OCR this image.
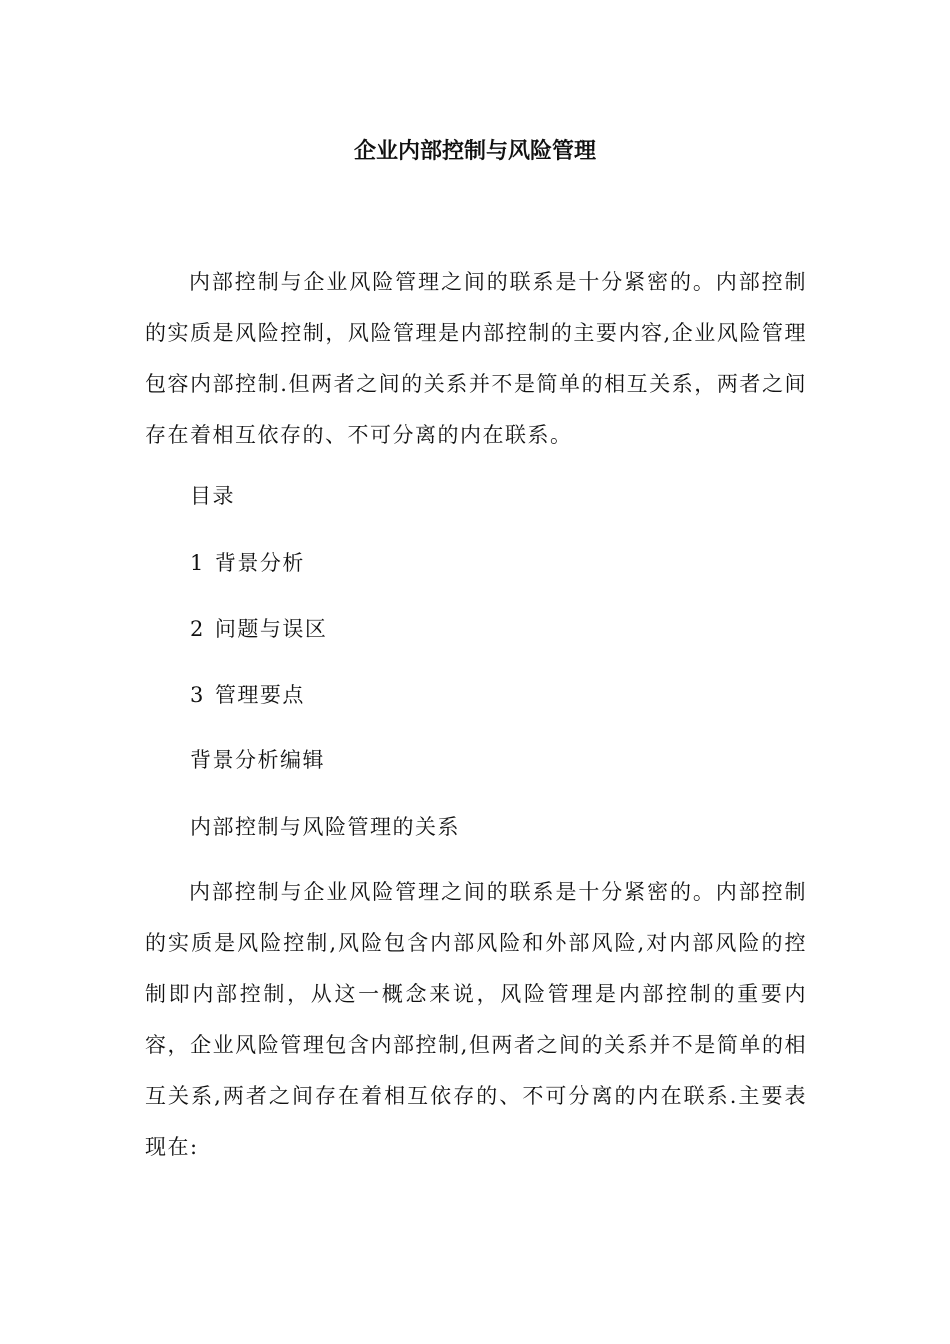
企业内部控制与风险管理

内部控制与企业风险管理之间的联系是十分紧密的。内部控制的实质是风险控制，风险管理是内部控制的主要内容,企业风险管理包容内部控制.但两者之间的关系并不是简单的相互关系，两者之间存在着相互依存的、不可分离的内在联系。

目录
1 背景分析
2 问题与误区
3 管理要点
背景分析编辑
内部控制与风险管理的关系

内部控制与企业风险管理之间的联系是十分紧密的。内部控制的实质是风险控制,风险包含内部风险和外部风险,对内部风险的控制即内部控制，从这一概念来说，风险管理是内部控制的重要内容，企业风险管理包含内部控制,但两者之间的关系并不是简单的相互关系,两者之间存在着相互依存的、不可分离的内在联系.主要表现在:
